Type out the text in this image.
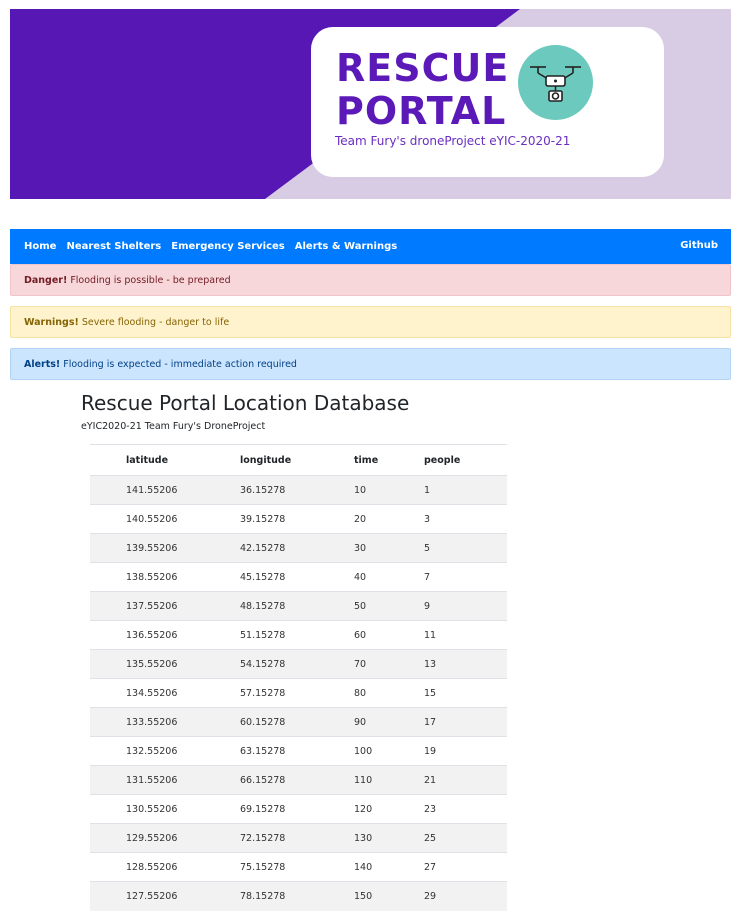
RESCUE
PORTAL
Team Fury's droneProject eYIC-2020-21
Home Nearest Shelters Emergency Services Alerts & Warnings	Github
Danger! Flooding is possible - be prepared
Warnings! Severe flooding - danger to life
Alerts! Flooding is expected - immediate action required
Rescue Portal Location Database
eYIC2020-21 Team Fury's DroneProject
latitude	longitude	time	people
141.55206	36.15278	10	1
140.55206	39.15278	20	3
139.55206	42.15278	30	5
138.55206	45.15278	40	7
137.55206	48.15278	50	9
136.55206	51.15278	60	11
135.55206	54.15278	70	13
134.55206	57.15278	80	15
133.55206	60.15278	90	17
132.55206	63.15278	100	19
131.55206	66.15278	110	21
130.55206	69.15278	120	23
129.55206	72.15278	130	25
128.55206	75.15278	140	27
127.55206	78.15278	150	29
